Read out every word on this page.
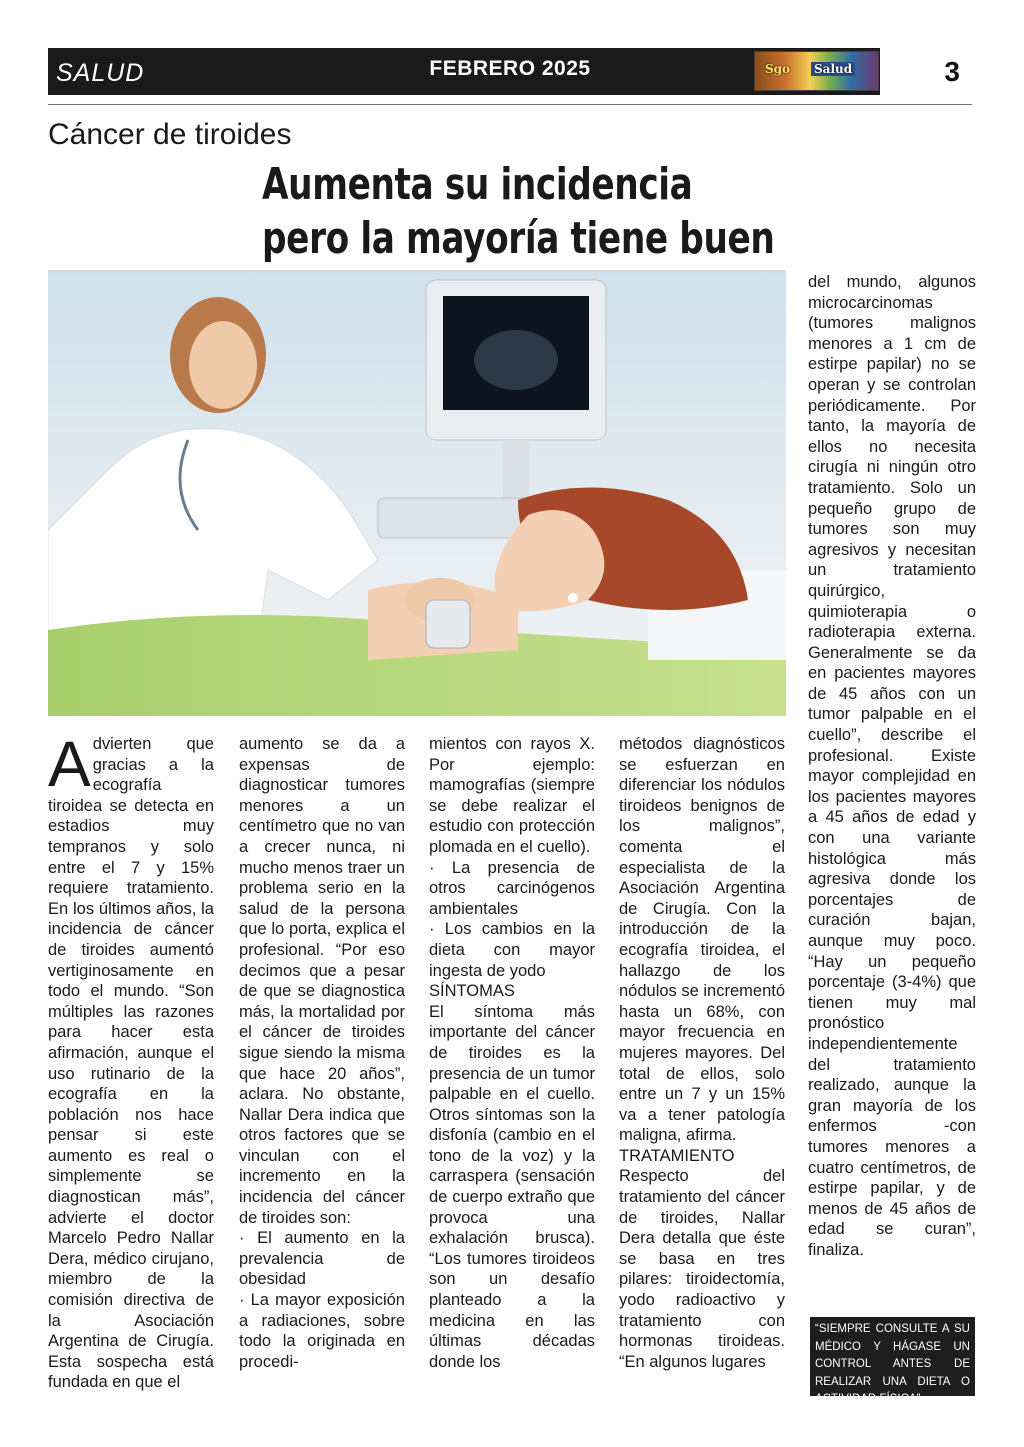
SALUD	FEBRERO 2025	Sgo Salud	3
Cáncer de tiroides
Aumenta su incidencia pero la mayoría tiene buen
Advierten que gracias a la ecografía tiroidea se detecta en estadios muy tempranos y solo entre el 7 y 15% requiere tratamiento. En los últimos años, la incidencia de cáncer de tiroides aumentó vertiginosamente en todo el mundo. “Son múltiples las razones para hacer esta afirmación, aunque el uso rutinario de la ecografía en la población nos hace pensar si este aumento es real o simplemente se diagnostican más”, advierte el doctor Marcelo Pedro Nallar Dera, médico cirujano, miembro de la comisión directiva de la Asociación Argentina de Cirugía. Esta sospecha está fundada en que el
aumento se da a expensas de diagnosticar tumores menores a un centímetro que no van a crecer nunca, ni mucho menos traer un problema serio en la salud de la persona que lo porta, explica el profesional. “Por eso decimos que a pesar de que se diagnostica más, la mortalidad por el cáncer de tiroides sigue siendo la misma que hace 20 años”, aclara. No obstante, Nallar Dera indica que otros factores que se vinculan con el incremento en la incidencia del cáncer de tiroides son:
· El aumento en la prevalencia de obesidad
· La mayor exposición a radiaciones, sobre todo la originada en procedi-
mientos con rayos X. Por ejemplo: mamografías (siempre se debe realizar el estudio con protección plomada en el cuello).
· La presencia de otros carcinógenos ambientales
· Los cambios en la dieta con mayor ingesta de yodo
SÍNTOMAS
El síntoma más importante del cáncer de tiroides es la presencia de un tumor palpable en el cuello. Otros síntomas son la disfonía (cambio en el tono de la voz) y la carraspera (sensación de cuerpo extraño que provoca una exhalación brusca). “Los tumores tiroideos son un desafío planteado a la medicina en las últimas décadas donde los
métodos diagnósticos se esfuerzan en diferenciar los nódulos tiroideos benignos de los malignos”, comenta el especialista de la Asociación Argentina de Cirugía. Con la introducción de la ecografía tiroidea, el hallazgo de los nódulos se incrementó hasta un 68%, con mayor frecuencia en mujeres mayores. Del total de ellos, solo entre un 7 y un 15% va a tener patología maligna, afirma.
TRATAMIENTO
Respecto del tratamiento del cáncer de tiroides, Nallar Dera detalla que éste se basa en tres pilares: tiroidectomía, yodo radioactivo y tratamiento con hormonas tiroideas. “En algunos lugares
del mundo, algunos microcarcinomas (tumores malignos menores a 1 cm de estirpe papilar) no se operan y se controlan periódicamente. Por tanto, la mayoría de ellos no necesita cirugía ni ningún otro tratamiento. Solo un pequeño grupo de tumores son muy agresivos y necesitan un tratamiento quirúrgico, quimioterapia o radioterapia externa. Generalmente se da en pacientes mayores de 45 años con un tumor palpable en el cuello”, describe el profesional. Existe mayor complejidad en los pacientes mayores a 45 años de edad y con una variante histológica más agresiva donde los porcentajes de curación bajan, aunque muy poco. “Hay un pequeño porcentaje (3-4%) que tienen muy mal pronóstico independientemente del tratamiento realizado, aunque la gran mayoría de los enfermos -con tumores menores a cuatro centímetros, de estirpe papilar, y de menos de 45 años de edad se curan”, finaliza.
“SIEMPRE CONSULTE A SU MÉDICO Y HÁGASE UN CONTROL ANTES DE REALIZAR UNA DIETA O ACTIVIDAD FÍSICA”
